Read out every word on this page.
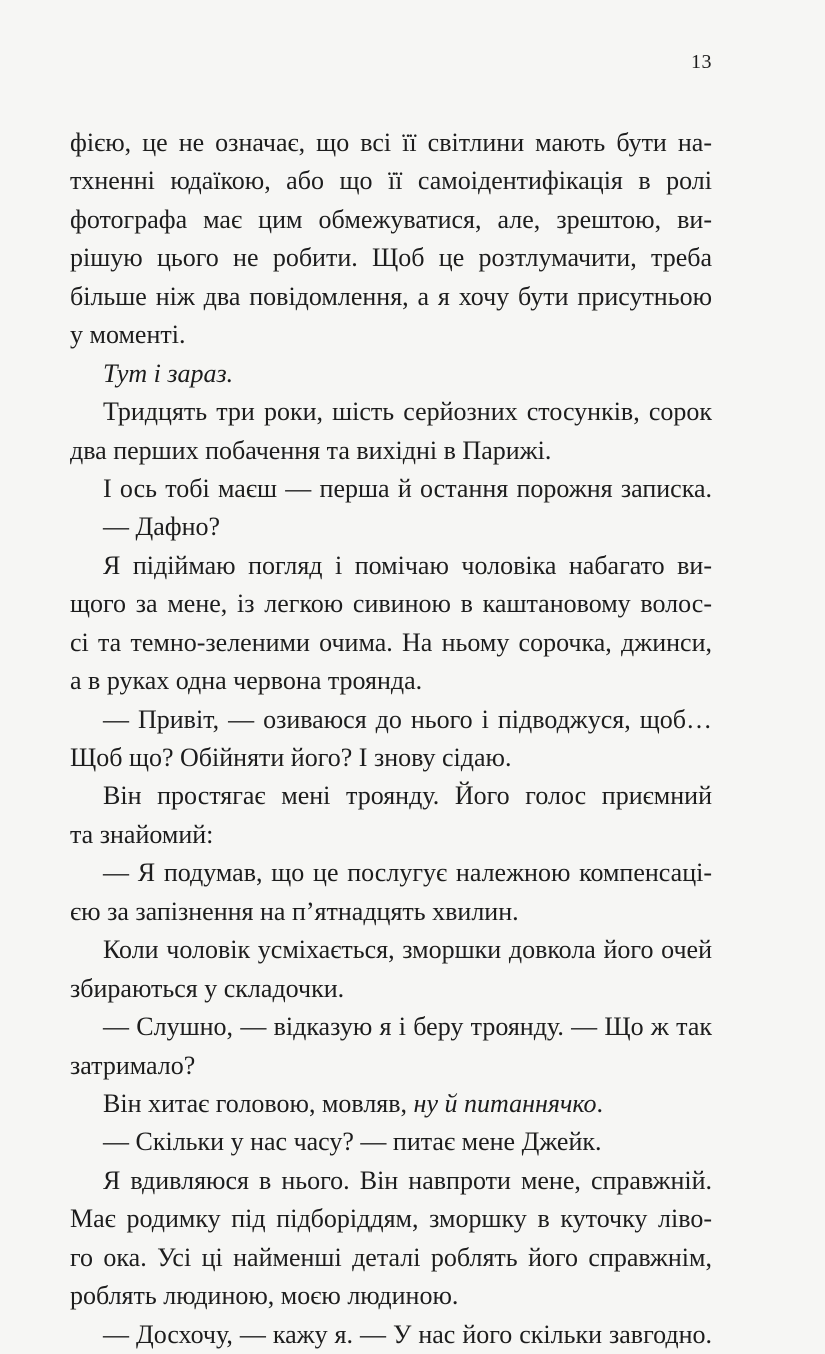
13
фією, це не означає, що всі її світлини мають бути на-
тхненні юдаїкою, або що її самоідентифікація в ролі
фотографа має цим обмежуватися, але, зрештою, ви-
рішую цього не робити. Щоб це розтлумачити, треба
більше ніж два повідомлення, а я хочу бути присутньою
у моменті.
Тут і зараз.
Тридцять три роки, шість серйозних стосунків, сорок
два перших побачення та вихідні в Парижі.
І ось тобі маєш — перша й остання порожня записка.
— Дафно?
Я підіймаю погляд і помічаю чоловіка набагато ви-
щого за мене, із легкою сивиною в каштановому волос-
сі та темно-зеленими очима. На ньому сорочка, джинси,
а в руках одна червона троянда.
— Привіт, — озиваюся до нього і підводжуся, щоб…
Щоб що? Обійняти його? І знову сідаю.
Він простягає мені троянду. Його голос приємний
та знайомий:
— Я подумав, що це послугує належною компенсаці-
єю за запізнення на п’ятнадцять хвилин.
Коли чоловік усміхається, зморшки довкола його очей
збираються у складочки.
— Слушно, — відказую я і беру троянду. — Що ж так
затримало?
Він хитає головою, мовляв, ну й питаннячко.
— Скільки у нас часу? — питає мене Джейк.
Я вдивляюся в нього. Він навпроти мене, справжній.
Має родимку під підборіддям, зморшку в куточку ліво-
го ока. Усі ці найменші деталі роблять його справжнім,
роблять людиною, моєю людиною.
— Досхочу, — кажу я. — У нас його скільки завгодно.
